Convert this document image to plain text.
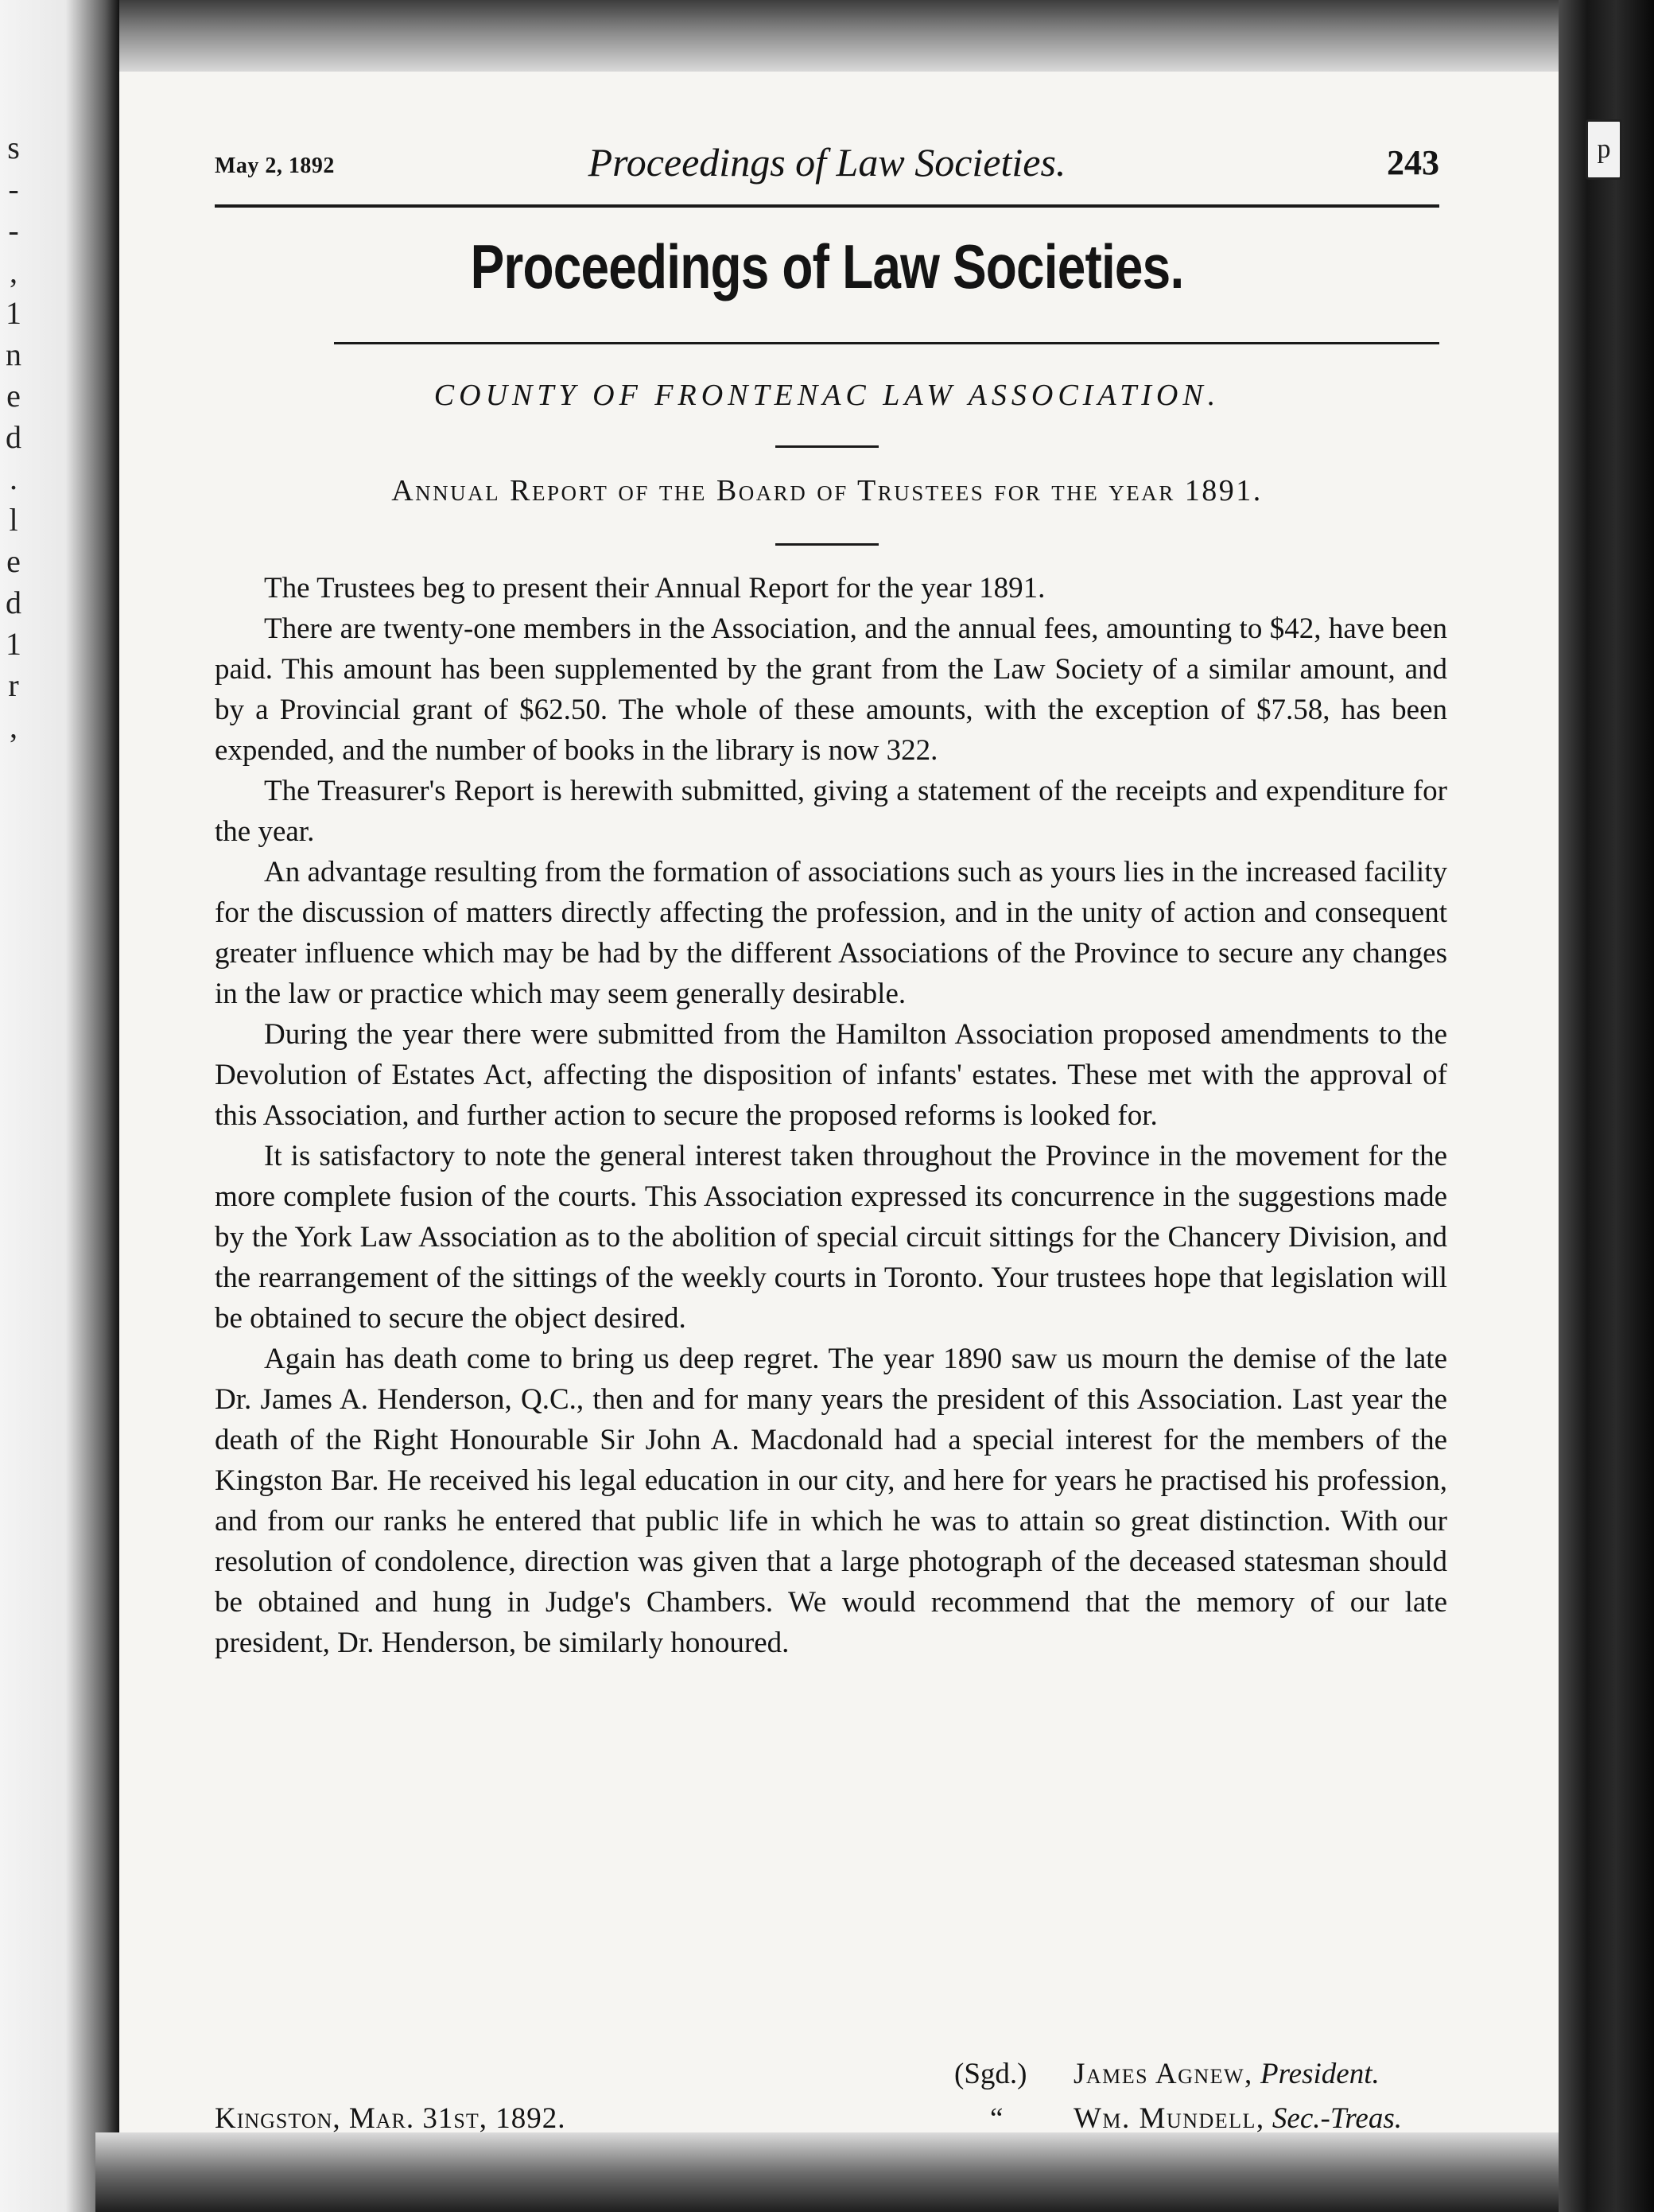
s
-
-
,
1
n
e
d
.
l
e
d
1
r
,
p
May 2, 1892	Proceedings of Law Societies.	243
Proceedings of Law Societies.
COUNTY OF FRONTENAC LAW ASSOCIATION.
Annual Report of the Board of Trustees for the year 1891.

The Trustees beg to present their Annual Report for the year 1891.

There are twenty-one members in the Association, and the annual fees, amounting to $42, have been paid. This amount has been supplemented by the grant from the Law Society of a similar amount, and by a Provincial grant of $62.50. The whole of these amounts, with the exception of $7.58, has been expended, and the number of books in the library is now 322.

The Treasurer's Report is herewith submitted, giving a statement of the receipts and expenditure for the year.

An advantage resulting from the formation of associations such as yours lies in the increased facility for the discussion of matters directly affecting the profession, and in the unity of action and consequent greater influence which may be had by the different Associations of the Province to secure any changes in the law or practice which may seem generally desirable.

During the year there were submitted from the Hamilton Association proposed amendments to the Devolution of Estates Act, affecting the disposition of infants' estates. These met with the approval of this Association, and further action to secure the proposed reforms is looked for.

It is satisfactory to note the general interest taken throughout the Province in the movement for the more complete fusion of the courts. This Association expressed its concurrence in the suggestions made by the York Law Association as to the abolition of special circuit sittings for the Chancery Division, and the rearrangement of the sittings of the weekly courts in Toronto. Your trustees hope that legislation will be obtained to secure the object desired.

Again has death come to bring us deep regret. The year 1890 saw us mourn the demise of the late Dr. James A. Henderson, Q.C., then and for many years the president of this Association. Last year the death of the Right Honourable Sir John A. Macdonald had a special interest for the members of the Kingston Bar. He received his legal education in our city, and here for years he practised his profession, and from our ranks he entered that public life in which he was to attain so great distinction. With our resolution of condolence, direction was given that a large photograph of the deceased statesman should be obtained and hung in Judge's Chambers. We would recommend that the memory of our late president, Dr. Henderson, be similarly honoured.

Kingston, Mar. 31st, 1892.
(Sgd.)
“
James Agnew, President.
Wm. Mundell, Sec.-Treas.
